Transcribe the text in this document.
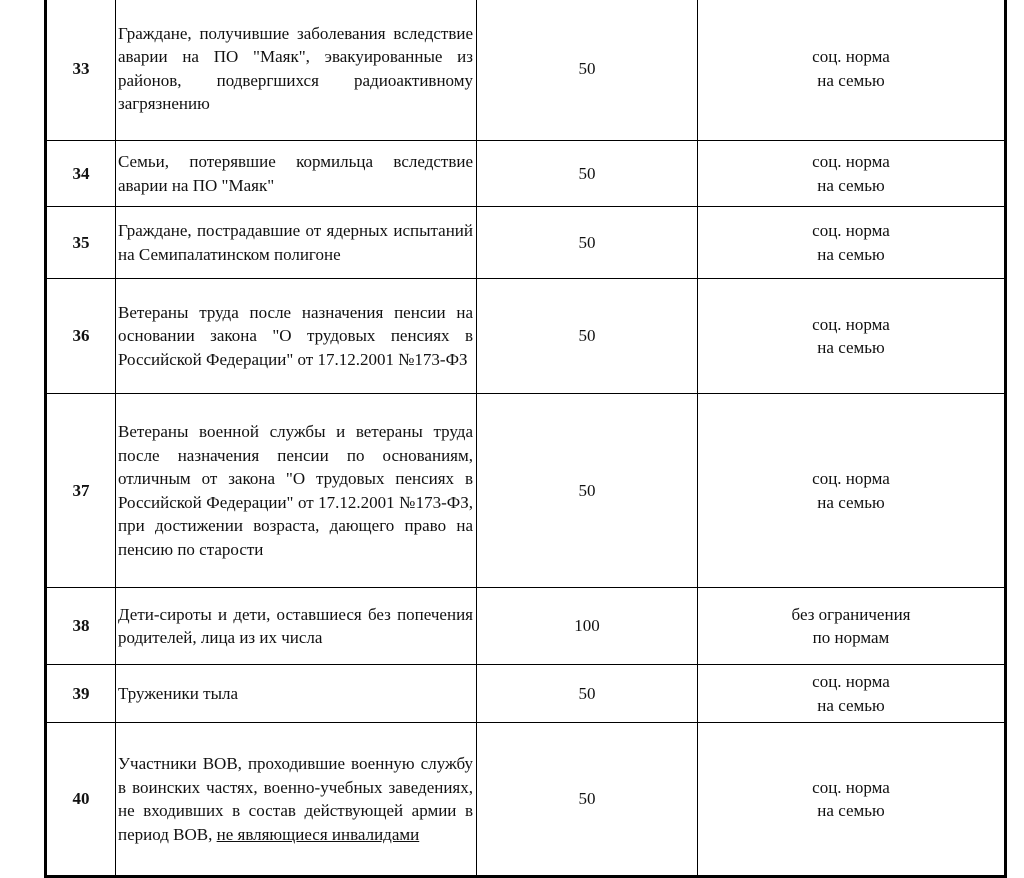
33	Граждане, получившие заболевания вследствие аварии на ПО "Маяк", эвакуированные из районов, подвергшихся радиоактивному загрязнению	50	соц. норма
на семью

34	Семьи, потерявшие кормильца вследствие аварии на ПО "Маяк"	50	соц. норма
на семью

35	Граждане, пострадавшие от ядерных испытаний на Семипалатинском полигоне	50	соц. норма
на семью

36	Ветераны труда после назначения пенсии на основании закона "О трудовых пенсиях в Российской Федерации" от 17.12.2001 №173-ФЗ	50	соц. норма
на семью

37	Ветераны военной службы и ветераны труда после назначения пенсии по основаниям, отличным от закона "О трудовых пенсиях в Российской Федерации" от 17.12.2001 №173-ФЗ, при достижении возраста, дающего право на пенсию по старости	50	соц. норма
на семью

38	Дети-сироты и дети, оставшиеся без попечения родителей, лица из их числа	100	без ограничения
по нормам

39	Труженики тыла	50	соц. норма
на семью

40	Участники ВОВ, проходившие военную службу в воинских частях, военно-учебных заведениях, не входивших в состав действующей армии в период ВОВ, не являющиеся инвалидами	50	соц. норма
на семью
